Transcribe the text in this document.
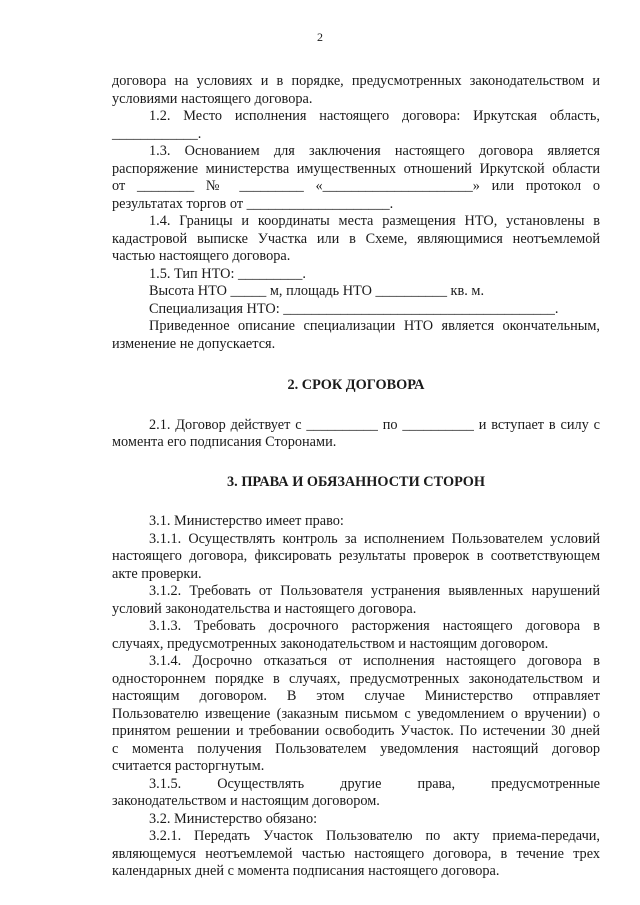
2

договора на условиях и в порядке, предусмотренных законодательством и
условиями настоящего договора.

1.2. Место исполнения настоящего договора: Иркутская область,
____________.

1.3. Основанием для заключения настоящего договора является
распоряжение министерства имущественных отношений Иркутской области
от ________ № _________ «_____________________» или протокол о
результатах торгов от ____________________.

1.4. Границы и координаты места размещения НТО, установлены в
кадастровой выписке Участка или в Схеме, являющимися неотъемлемой
частью настоящего договора.

1.5. Тип НТО: _________.

Высота НТО _____ м, площадь НТО __________ кв. м.

Специализация НТО: ______________________________________.

Приведенное описание специализации НТО является окончательным,
изменение не допускается.

2. СРОК ДОГОВОРА

2.1. Договор действует с __________ по __________ и вступает в силу с
момента его подписания Сторонами.

3. ПРАВА И ОБЯЗАННОСТИ СТОРОН

3.1. Министерство имеет право:

3.1.1. Осуществлять контроль за исполнением Пользователем условий
настоящего договора, фиксировать результаты проверок в соответствующем
акте проверки.

3.1.2. Требовать от Пользователя устранения выявленных нарушений
условий законодательства и настоящего договора.

3.1.3. Требовать досрочного расторжения настоящего договора в
случаях, предусмотренных законодательством и настоящим договором.

3.1.4. Досрочно отказаться от исполнения настоящего договора в
одностороннем порядке в случаях, предусмотренных законодательством и
настоящим договором. В этом случае Министерство отправляет
Пользователю извещение (заказным письмом с уведомлением о вручении) о
принятом решении и требовании освободить Участок. По истечении 30 дней
с момента получения Пользователем уведомления настоящий договор
считается расторгнутым.

3.1.5. Осуществлять другие права, предусмотренные
законодательством и настоящим договором.

3.2. Министерство обязано:

3.2.1. Передать Участок Пользователю по акту приема-передачи,
являющемуся неотъемлемой частью настоящего договора, в течение трех
календарных дней с момента подписания настоящего договора.
